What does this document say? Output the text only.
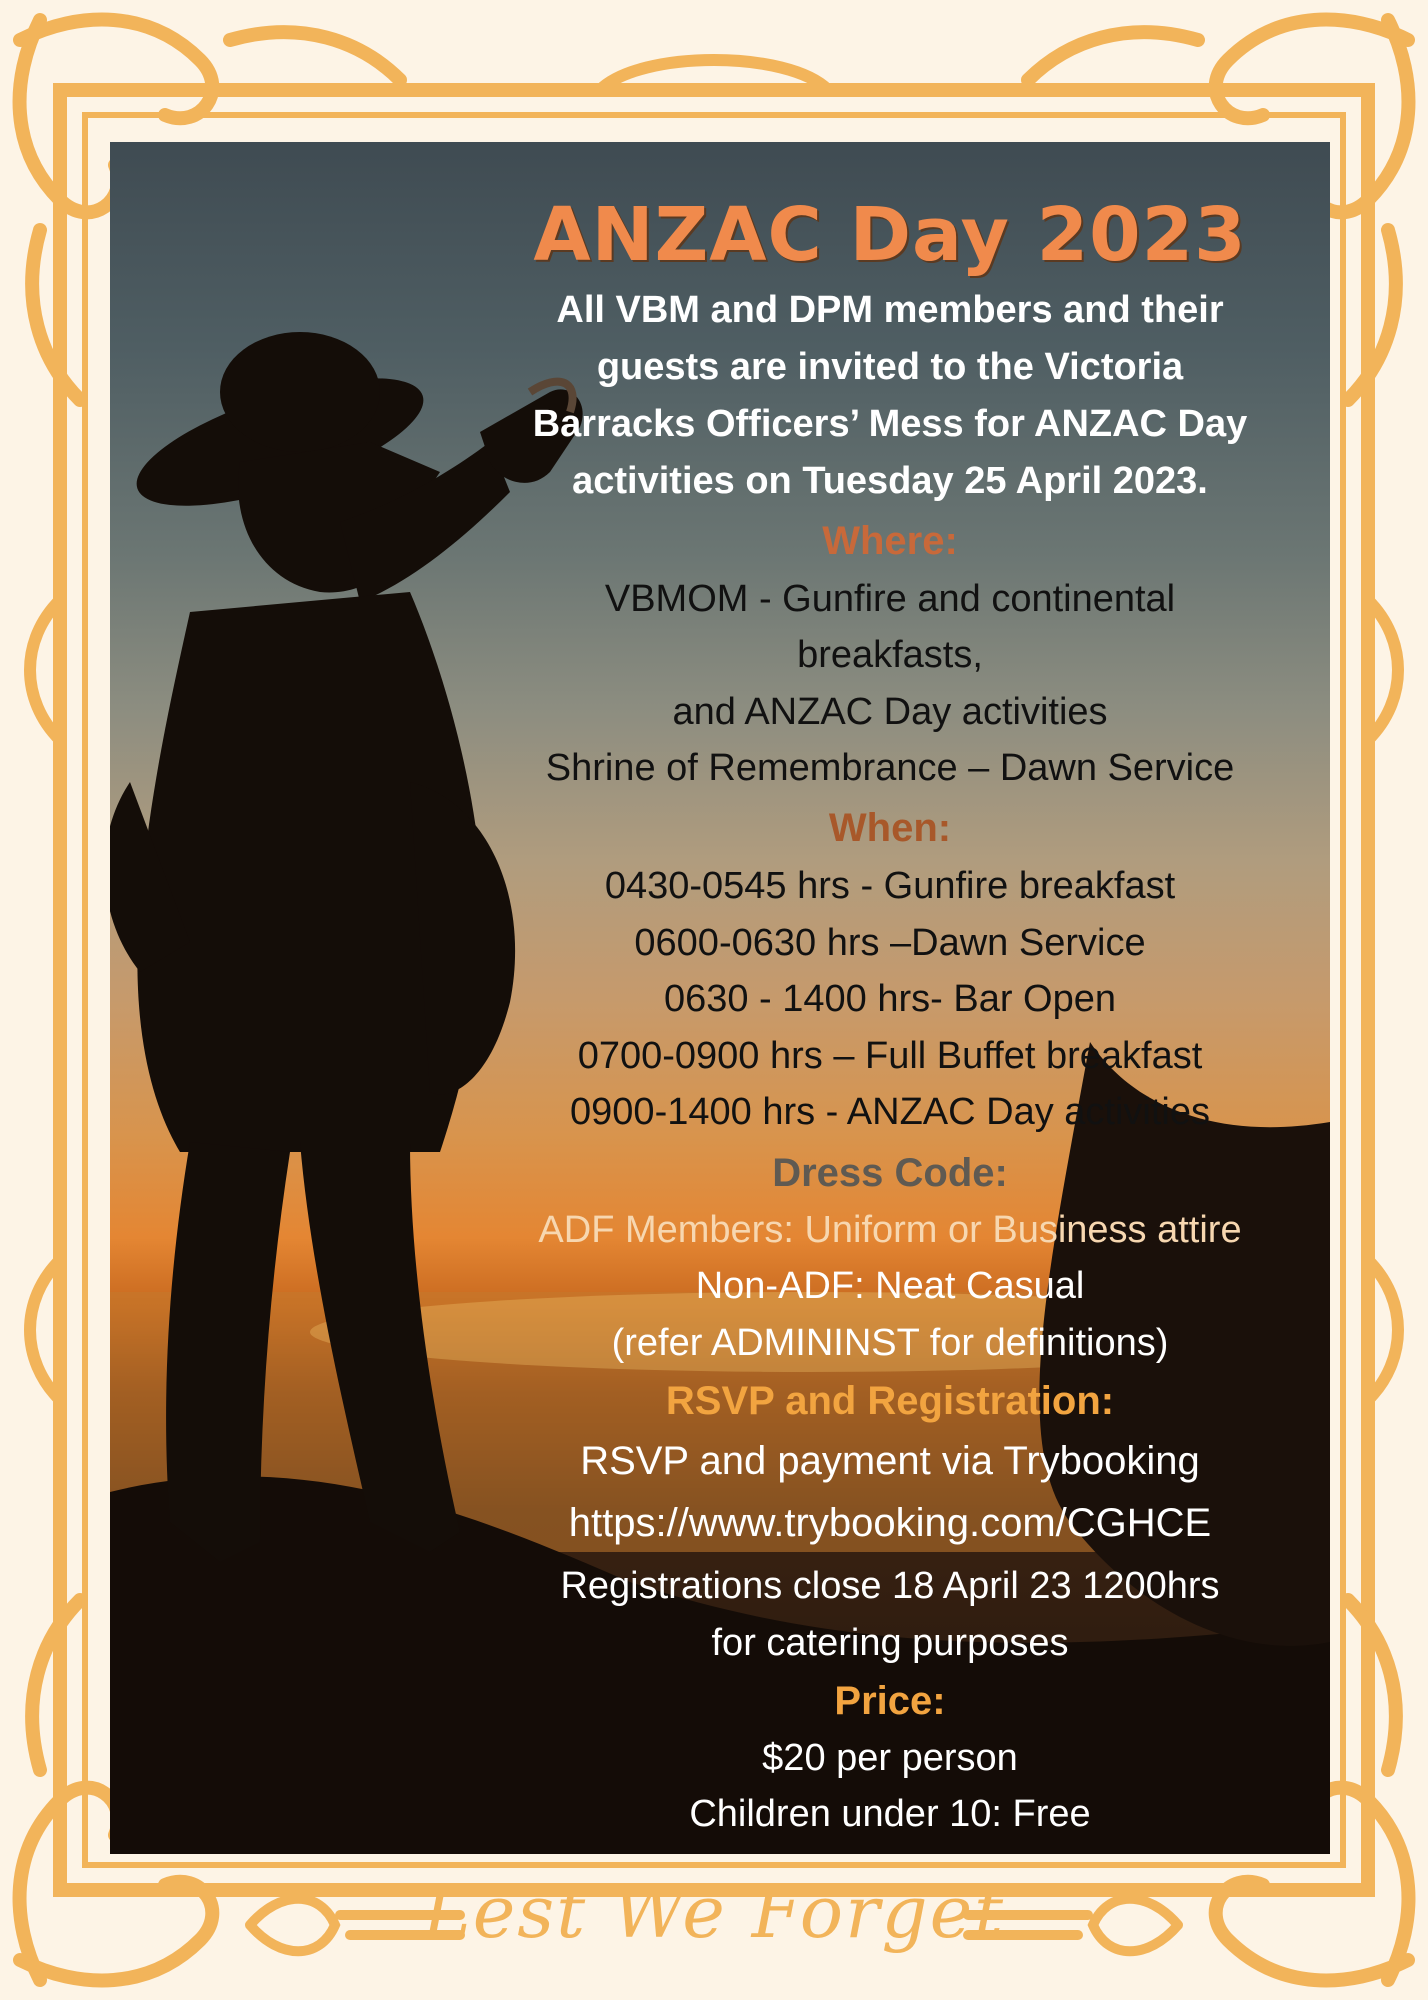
ANZAC Day 2023
All VBM and DPM members and their
guests are invited to the Victoria
Barracks Officers’ Mess for ANZAC Day
activities on Tuesday 25 April 2023.
Where:
VBMOM - Gunfire and continental
breakfasts,
and ANZAC Day activities
Shrine of Remembrance – Dawn Service
When:
0430-0545 hrs - Gunfire breakfast
0600-0630 hrs –Dawn Service
0630 - 1400 hrs- Bar Open
0700-0900 hrs – Full Buffet breakfast
0900-1400 hrs - ANZAC Day activities
Dress Code:
ADF Members: Uniform or Business attire
Non-ADF: Neat Casual
(refer ADMININST for definitions)
RSVP and Registration:
RSVP and payment via Trybooking
https://www.trybooking.com/CGHCE
Registrations close 18 April 23 1200hrs
for catering purposes
Price:
$20 per person
Children under 10: Free
Lest We Forget
